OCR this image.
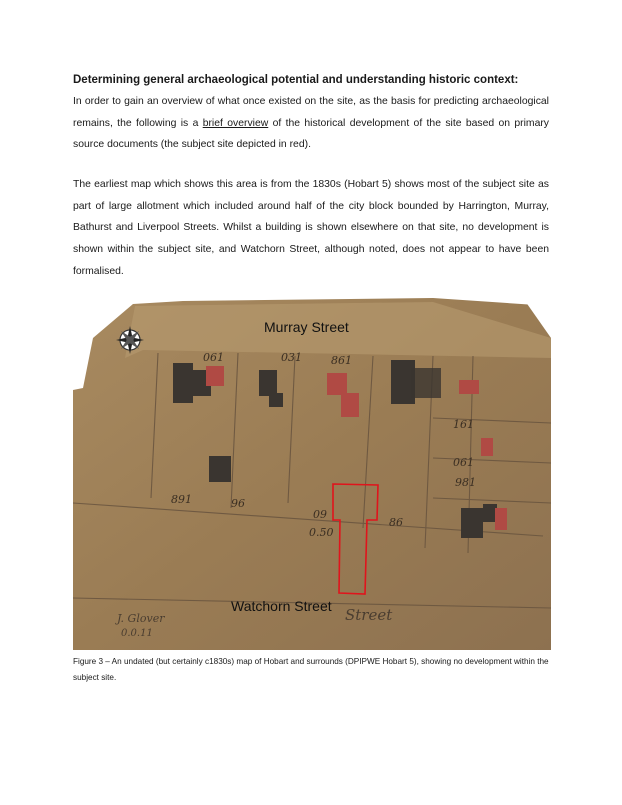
Determining general archaeological potential and understanding historic context:
In order to gain an overview of what once existed on the site, as the basis for predicting archaeological remains, the following is a brief overview of the historical development of the site based on primary source documents (the subject site depicted in red).
The earliest map which shows this area is from the 1830s (Hobart 5) shows most of the subject site as part of large allotment which included around half of the city block bounded by Harrington, Murray, Bathurst and Liverpool Streets. Whilst a building is shown elsewhere on that site, no development is shown within the subject site, and Watchorn Street, although noted, does not appear to have been formalised.
891	96
09
0.50
86
061	031	861
981
061
161
Murray Street
Watchorn Street Street
J. Glover
0.0.11
Figure 3 – An undated (but certainly c1830s) map of Hobart and surrounds (DPIPWE Hobart 5), showing no development within the subject site.
